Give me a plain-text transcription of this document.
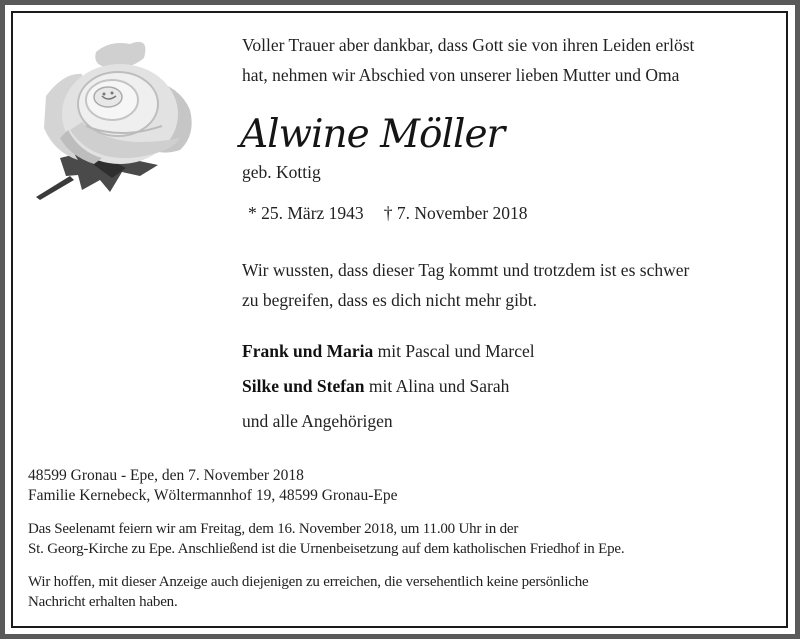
Voller Trauer aber dankbar, dass Gott sie von ihren Leiden erlöst
hat, nehmen wir Abschied von unserer lieben Mutter und Oma
Alwine Möller
geb. Kottig
* 25. März 1943 † 7. November 2018
Wir wussten, dass dieser Tag kommt und trotzdem ist es schwer
zu begreifen, dass es dich nicht mehr gibt.
Frank und Maria mit Pascal und Marcel
Silke und Stefan mit Alina und Sarah
und alle Angehörigen
48599 Gronau - Epe, den 7. November 2018
Familie Kernebeck, Wöltermannhof 19, 48599 Gronau-Epe
Das Seelenamt feiern wir am Freitag, dem 16. November 2018, um 11.00 Uhr in der
St. Georg-Kirche zu Epe. Anschließend ist die Urnenbeisetzung auf dem katholischen Friedhof in Epe.
Wir hoffen, mit dieser Anzeige auch diejenigen zu erreichen, die versehentlich keine persönliche
Nachricht erhalten haben.
